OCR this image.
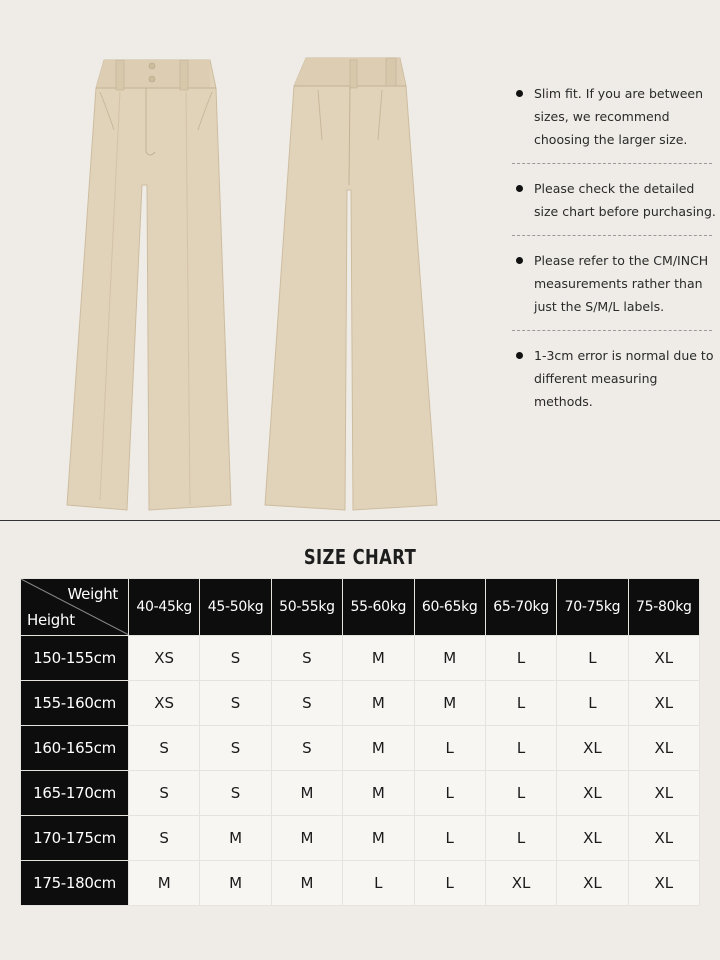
Slim fit. If you are between sizes, we recommend choosing the larger size.
Please check the detailed size chart before purchasing.
Please refer to the CM/INCH measurements rather than just the S/M/L labels.
1-3cm error is normal due to different measuring methods.
SIZE CHART
Weight
Height	40-45kg	45-50kg	50-55kg	55-60kg	60-65kg	65-70kg	70-75kg	75-80kg
150-155cm	XS	S	S	M	M	L	L	XL
155-160cm	XS	S	S	M	M	L	L	XL
160-165cm	S	S	S	M	L	L	XL	XL
165-170cm	S	S	M	M	L	L	XL	XL
170-175cm	S	M	M	M	L	L	XL	XL
175-180cm	M	M	M	L	L	XL	XL	XL
